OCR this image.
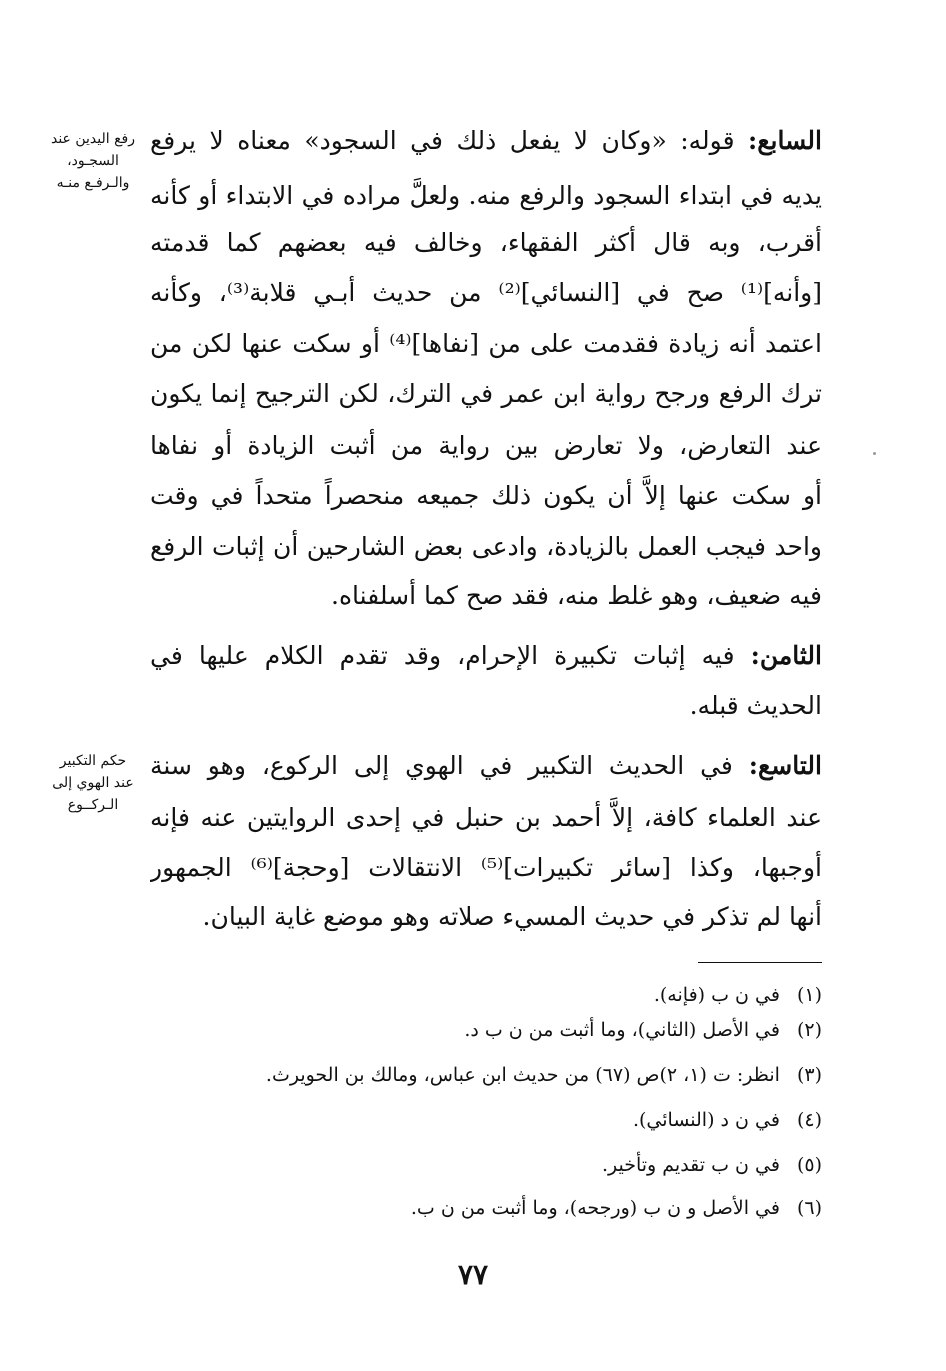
رفع اليدين عند
السجـود،
والـرفـع منـه
حكم التكبير
عند الهوي إلى
الـركــوع
السابع: قوله: «وكان لا يفعل ذلك في السجود» معناه لا يرفع
يديه في ابتداء السجود والرفع منه. ولعلَّ مراده في الابتداء أو كأنه
أقرب، وبه قال أكثر الفقهاء، وخالف فيه بعضهم كما قدمته
[وأنه]⁽¹⁾ صح في [النسائي]⁽²⁾ من حديث أبـي قلابة⁽³⁾، وكأنه
اعتمد أنه زيادة فقدمت على من [نفاها]⁽⁴⁾ أو سكت عنها لكن من
ترك الرفع ورجح رواية ابن عمر في الترك، لكن الترجيح إنما يكون
عند التعارض، ولا تعارض بين رواية من أثبت الزيادة أو نفاها
أو سكت عنها إلاَّ أن يكون ذلك جميعه منحصراً متحداً في وقت
واحد فيجب العمل بالزيادة، وادعى بعض الشارحين أن إثبات الرفع
فيه ضعيف، وهو غلط منه، فقد صح كما أسلفناه.
الثامن: فيه إثبات تكبيرة الإحرام، وقد تقدم الكلام عليها في
الحديث قبله.
التاسع: في الحديث التكبير في الهوي إلى الركوع، وهو سنة
عند العلماء كافة، إلاَّ أحمد بن حنبل في إحدى الروايتين عنه فإنه
أوجبها، وكذا [سائر تكبيرات]⁽⁵⁾ الانتقالات [وحجة]⁽⁶⁾ الجمهور
أنها لم تذكر في حديث المسيء صلاته وهو موضع غاية البيان.
(١) في ن ب (فإنه).
(٢) في الأصل (الثاني)، وما أثبت من ن ب د.
(٣) انظر: ت (١، ٢)ص (٦٧) من حديث ابن عباس، ومالك بن الحويرث.
(٤) في ن د (النسائي).
(٥) في ن ب تقديم وتأخير.
(٦) في الأصل و ن ب (ورجحه)، وما أثبت من ن ب.
٧٧
